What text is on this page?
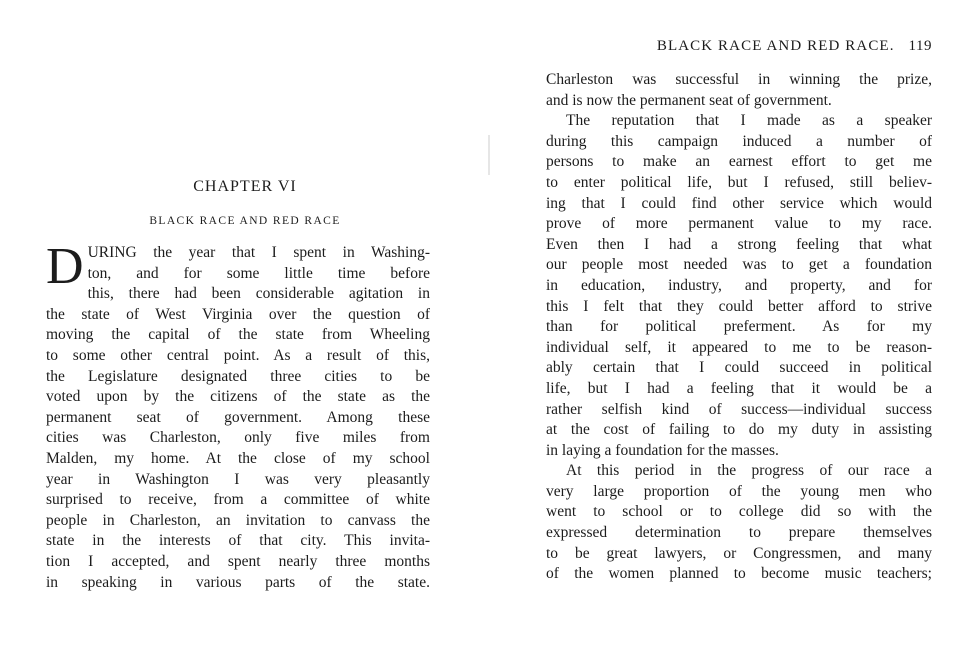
CHAPTER VI
BLACK RACE AND RED RACE
D URING the year that I spent in Washing-
ton, and for some little time before
this, there had been considerable agitation in
the state of West Virginia over the question of
moving the capital of the state from Wheeling
to some other central point. As a result of this,
the Legislature designated three cities to be
voted upon by the citizens of the state as the
permanent seat of government. Among these
cities was Charleston, only five miles from
Malden, my home. At the close of my school
year in Washington I was very pleasantly
surprised to receive, from a committee of white
people in Charleston, an invitation to canvass the
state in the interests of that city. This invita-
tion I accepted, and spent nearly three months
in speaking in various parts of the state.
BLACK RACE AND RED RACE. 119
Charleston was successful in winning the prize,
and is now the permanent seat of government.
The reputation that I made as a speaker
during this campaign induced a number of
persons to make an earnest effort to get me
to enter political life, but I refused, still believ-
ing that I could find other service which would
prove of more permanent value to my race.
Even then I had a strong feeling that what
our people most needed was to get a foundation
in education, industry, and property, and for
this I felt that they could better afford to strive
than for political preferment. As for my
individual self, it appeared to me to be reason-
ably certain that I could succeed in political
life, but I had a feeling that it would be a
rather selfish kind of success—individual success
at the cost of failing to do my duty in assisting
in laying a foundation for the masses.
At this period in the progress of our race a
very large proportion of the young men who
went to school or to college did so with the
expressed determination to prepare themselves
to be great lawyers, or Congressmen, and many
of the women planned to become music teachers;
